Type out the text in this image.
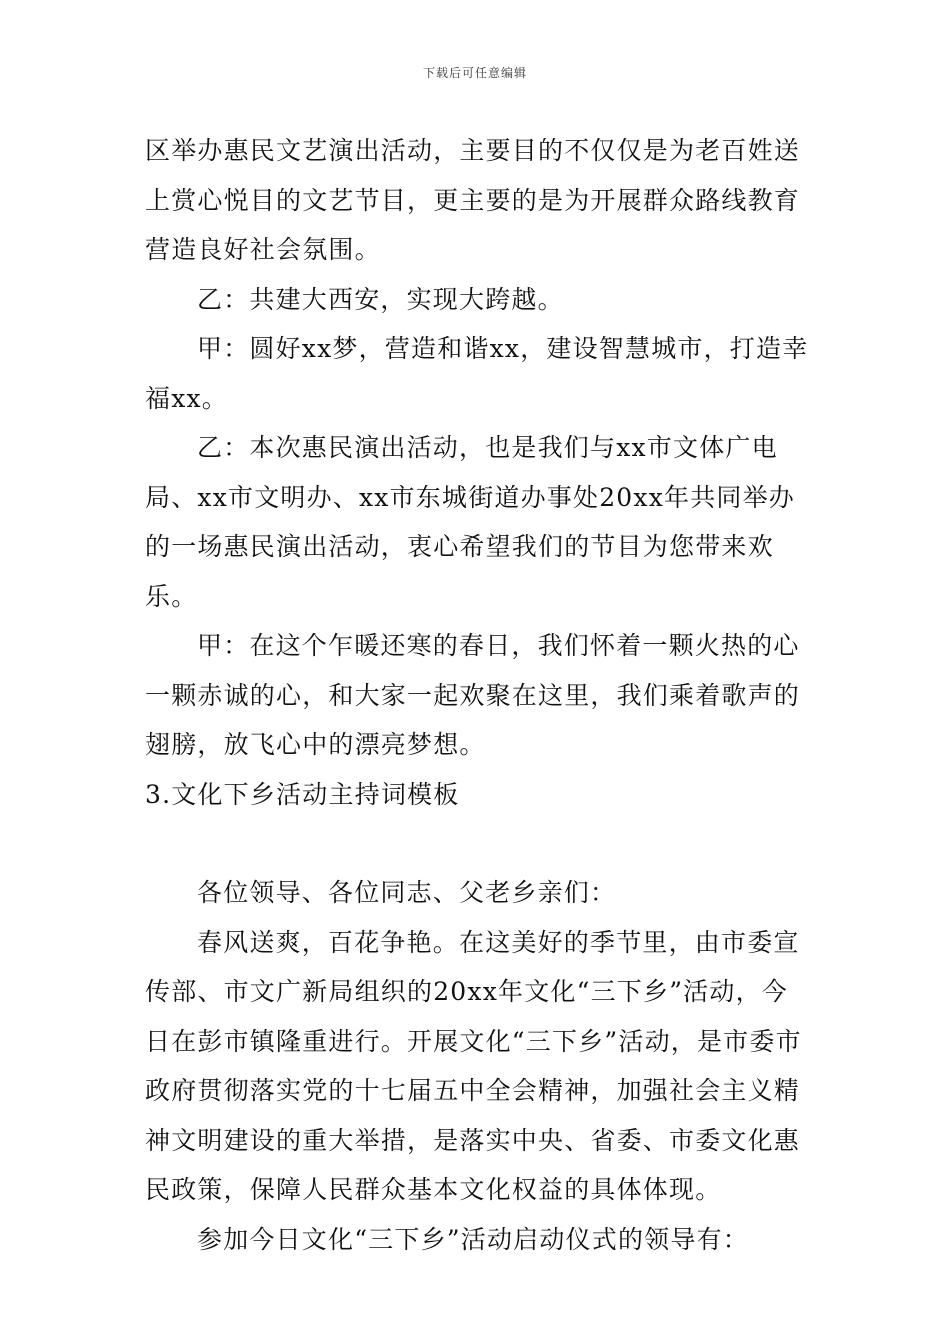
下载后可任意编辑

区举办惠民文艺演出活动，主要目的不仅仅是为老百姓送上赏心悦目的文艺节目，更主要的是为开展群众路线教育营造良好社会氛围。

乙：共建大西安，实现大跨越。

甲：圆好xx梦，营造和谐xx，建设智慧城市，打造幸福xx。

乙：本次惠民演出活动，也是我们与xx市文体广电局、xx市文明办、xx市东城街道办事处20xx年共同举办的一场惠民演出活动，衷心希望我们的节目为您带来欢乐。

甲：在这个乍暖还寒的春日，我们怀着一颗火热的心一颗赤诚的心，和大家一起欢聚在这里，我们乘着歌声的翅膀，放飞心中的漂亮梦想。

3.文化下乡活动主持词模板

各位领导、各位同志、父老乡亲们：

春风送爽，百花争艳。在这美好的季节里，由市委宣传部、市文广新局组织的20xx年文化“三下乡”活动，今日在彭市镇隆重进行。开展文化“三下乡”活动，是市委市政府贯彻落实党的十七届五中全会精神，加强社会主义精神文明建设的重大举措，是落实中央、省委、市委文化惠民政策，保障人民群众基本文化权益的具体体现。

参加今日文化“三下乡”活动启动仪式的领导有：
